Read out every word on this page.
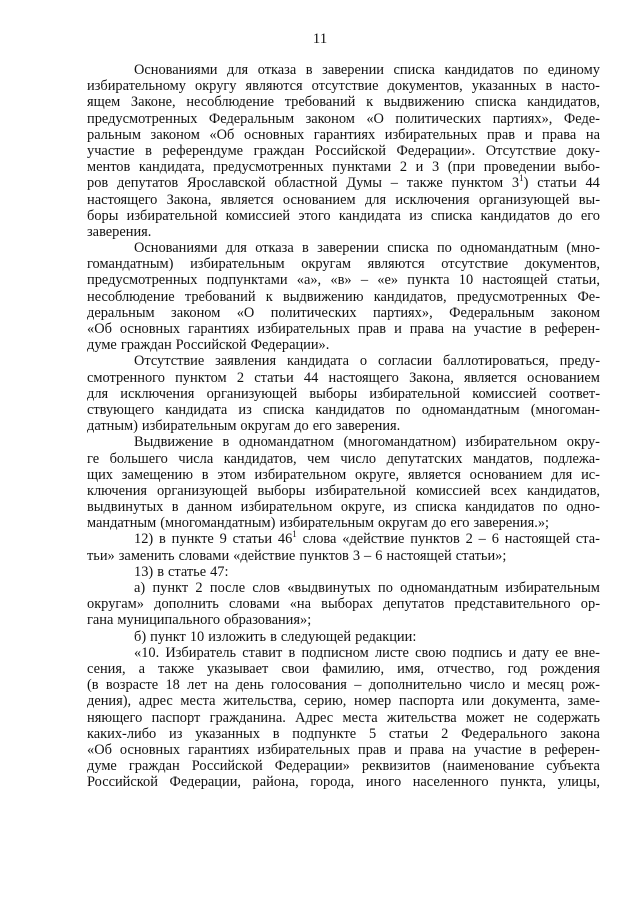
11
Основаниями для отказа в заверении списка кандидатов по единому
избирательному округу являются отсутствие документов, указанных в насто-
ящем Законе, несоблюдение требований к выдвижению списка кандидатов,
предусмотренных Федеральным законом «О политических партиях», Феде-
ральным законом «Об основных гарантиях избирательных прав и права на
участие в референдуме граждан Российской Федерации». Отсутствие доку-
ментов кандидата, предусмотренных пунктами 2 и 3 (при проведении выбо-
ров депутатов Ярославской областной Думы – также пунктом $3^1$) статьи 44
настоящего Закона, является основанием для исключения организующей вы-
боры избирательной комиссией этого кандидата из списка кандидатов до его
заверения.
Основаниями для отказа в заверении списка по одномандатным (мно-
гомандатным) избирательным округам являются отсутствие документов,
предусмотренных подпунктами «а», «в» – «е» пункта 10 настоящей статьи,
несоблюдение требований к выдвижению кандидатов, предусмотренных Фе-
деральным законом «О политических партиях», Федеральным законом
«Об основных гарантиях избирательных прав и права на участие в референ-
думе граждан Российской Федерации».
Отсутствие заявления кандидата о согласии баллотироваться, преду-
смотренного пунктом 2 статьи 44 настоящего Закона, является основанием
для исключения организующей выборы избирательной комиссией соответ-
ствующего кандидата из списка кандидатов по одномандатным (многоман-
датным) избирательным округам до его заверения.
Выдвижение в одномандатном (многомандатном) избирательном окру-
ге большего числа кандидатов, чем число депутатских мандатов, подлежа-
щих замещению в этом избирательном округе, является основанием для ис-
ключения организующей выборы избирательной комиссией всех кандидатов,
выдвинутых в данном избирательном округе, из списка кандидатов по одно-
мандатным (многомандатным) избирательным округам до его заверения.»;
12) в пункте 9 статьи $46^1$ слова «действие пунктов 2 – 6 настоящей ста-
тьи» заменить словами «действие пунктов 3 – 6 настоящей статьи»;
13) в статье 47:
а) пункт 2 после слов «выдвинутых по одномандатным избирательным
округам» дополнить словами «на выборах депутатов представительного ор-
гана муниципального образования»;
б) пункт 10 изложить в следующей редакции:
«10. Избиратель ставит в подписном листе свою подпись и дату ее вне-
сения, а также указывает свои фамилию, имя, отчество, год рождения
(в возрасте 18 лет на день голосования – дополнительно число и месяц рож-
дения), адрес места жительства, серию, номер паспорта или документа, заме-
няющего паспорт гражданина. Адрес места жительства может не содержать
каких-либо из указанных в подпункте 5 статьи 2 Федерального закона
«Об основных гарантиях избирательных прав и права на участие в референ-
думе граждан Российской Федерации» реквизитов (наименование субъекта
Российской Федерации, района, города, иного населенного пункта, улицы,
